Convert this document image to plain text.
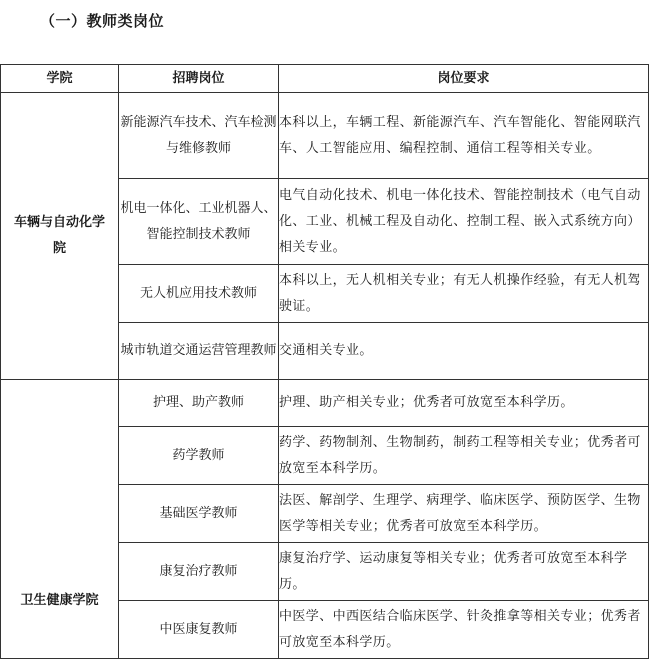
（一）教师类岗位
学院	招聘岗位	岗位要求
车辆与自动化学院	新能源汽车技术、汽车检测与维修教师	本科以上，车辆工程、新能源汽车、汽车智能化、智能网联汽车、人工智能应用、编程控制、通信工程等相关专业。
	机电一体化、工业机器人、智能控制技术教师	电气自动化技术、机电一体化技术、智能控制技术（电气自动化、工业、机械工程及自动化、控制工程、嵌入式系统方向）相关专业。
	无人机应用技术教师	本科以上，无人机相关专业；有无人机操作经验，有无人机驾驶证。
	城市轨道交通运营管理教师	交通相关专业。
卫生健康学院	护理、助产教师	护理、助产相关专业；优秀者可放宽至本科学历。
	药学教师	药学、药物制剂、生物制药，制药工程等相关专业；优秀者可放宽至本科学历。
	基础医学教师	法医、解剖学、生理学、病理学、临床医学、预防医学、生物医学等相关专业；优秀者可放宽至本科学历。
	康复治疗教师	康复治疗学、运动康复等相关专业；优秀者可放宽至本科学历。
	中医康复教师	中医学、中西医结合临床医学、针灸推拿等相关专业；优秀者可放宽至本科学历。
